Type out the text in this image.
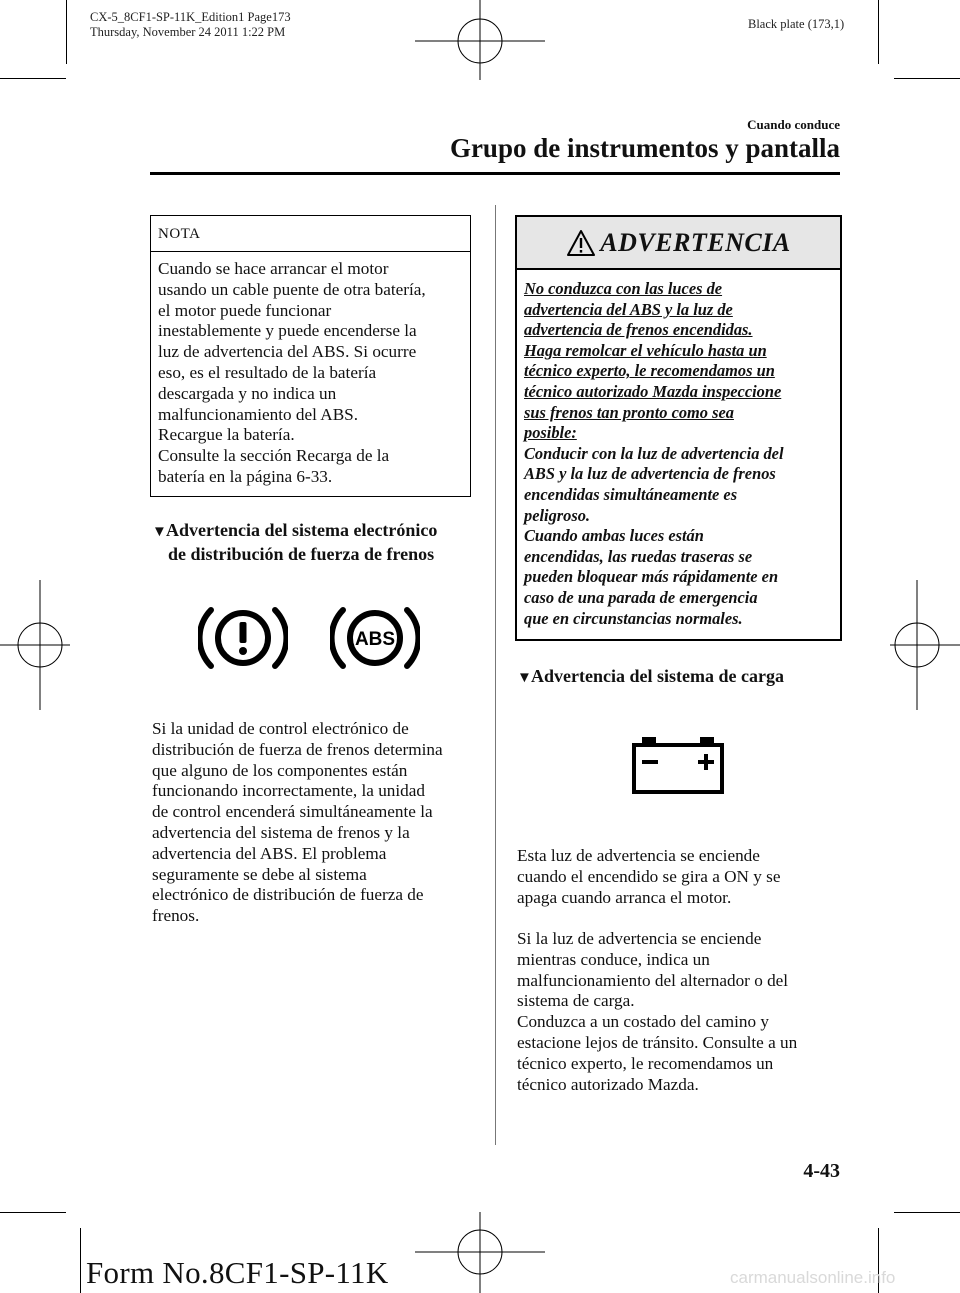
CX-5_8CF1-SP-11K_Edition1 Page173
Thursday, November 24 2011 1:22 PM
Black plate (173,1)
Cuando conduce
Grupo de instrumentos y pantalla
NOTA
Cuando se hace arrancar el motor
usando un cable puente de otra batería,
el motor puede funcionar
inestablemente y puede encenderse la
luz de advertencia del ABS. Si ocurre
eso, es el resultado de la batería
descargada y no indica un
malfuncionamiento del ABS.
Recargue la batería.
Consulte la sección Recarga de la
batería en la página 6-33.
▼Advertencia del sistema electrónico
de distribución de fuerza de frenos
ABS
Si la unidad de control electrónico de
distribución de fuerza de frenos determina
que alguno de los componentes están
funcionando incorrectamente, la unidad
de control encenderá simultáneamente la
advertencia del sistema de frenos y la
advertencia del ABS. El problema
seguramente se debe al sistema
electrónico de distribución de fuerza de
frenos.
ADVERTENCIA
No conduzca con las luces de
advertencia del ABS y la luz de
advertencia de frenos encendidas.
Haga remolcar el vehículo hasta un
técnico experto, le recomendamos un
técnico autorizado Mazda inspeccione
sus frenos tan pronto como sea
posible:
Conducir con la luz de advertencia del
ABS y la luz de advertencia de frenos
encendidas simultáneamente es
peligroso.
Cuando ambas luces están
encendidas, las ruedas traseras se
pueden bloquear más rápidamente en
caso de una parada de emergencia
que en circunstancias normales.
▼Advertencia del sistema de carga
Esta luz de advertencia se enciende
cuando el encendido se gira a ON y se
apaga cuando arranca el motor.
Si la luz de advertencia se enciende
mientras conduce, indica un
malfuncionamiento del alternador o del
sistema de carga.
Conduzca a un costado del camino y
estacione lejos de tránsito. Consulte a un
técnico experto, le recomendamos un
técnico autorizado Mazda.
4-43
Form No.8CF1-SP-11K	carmanualsonline.info
